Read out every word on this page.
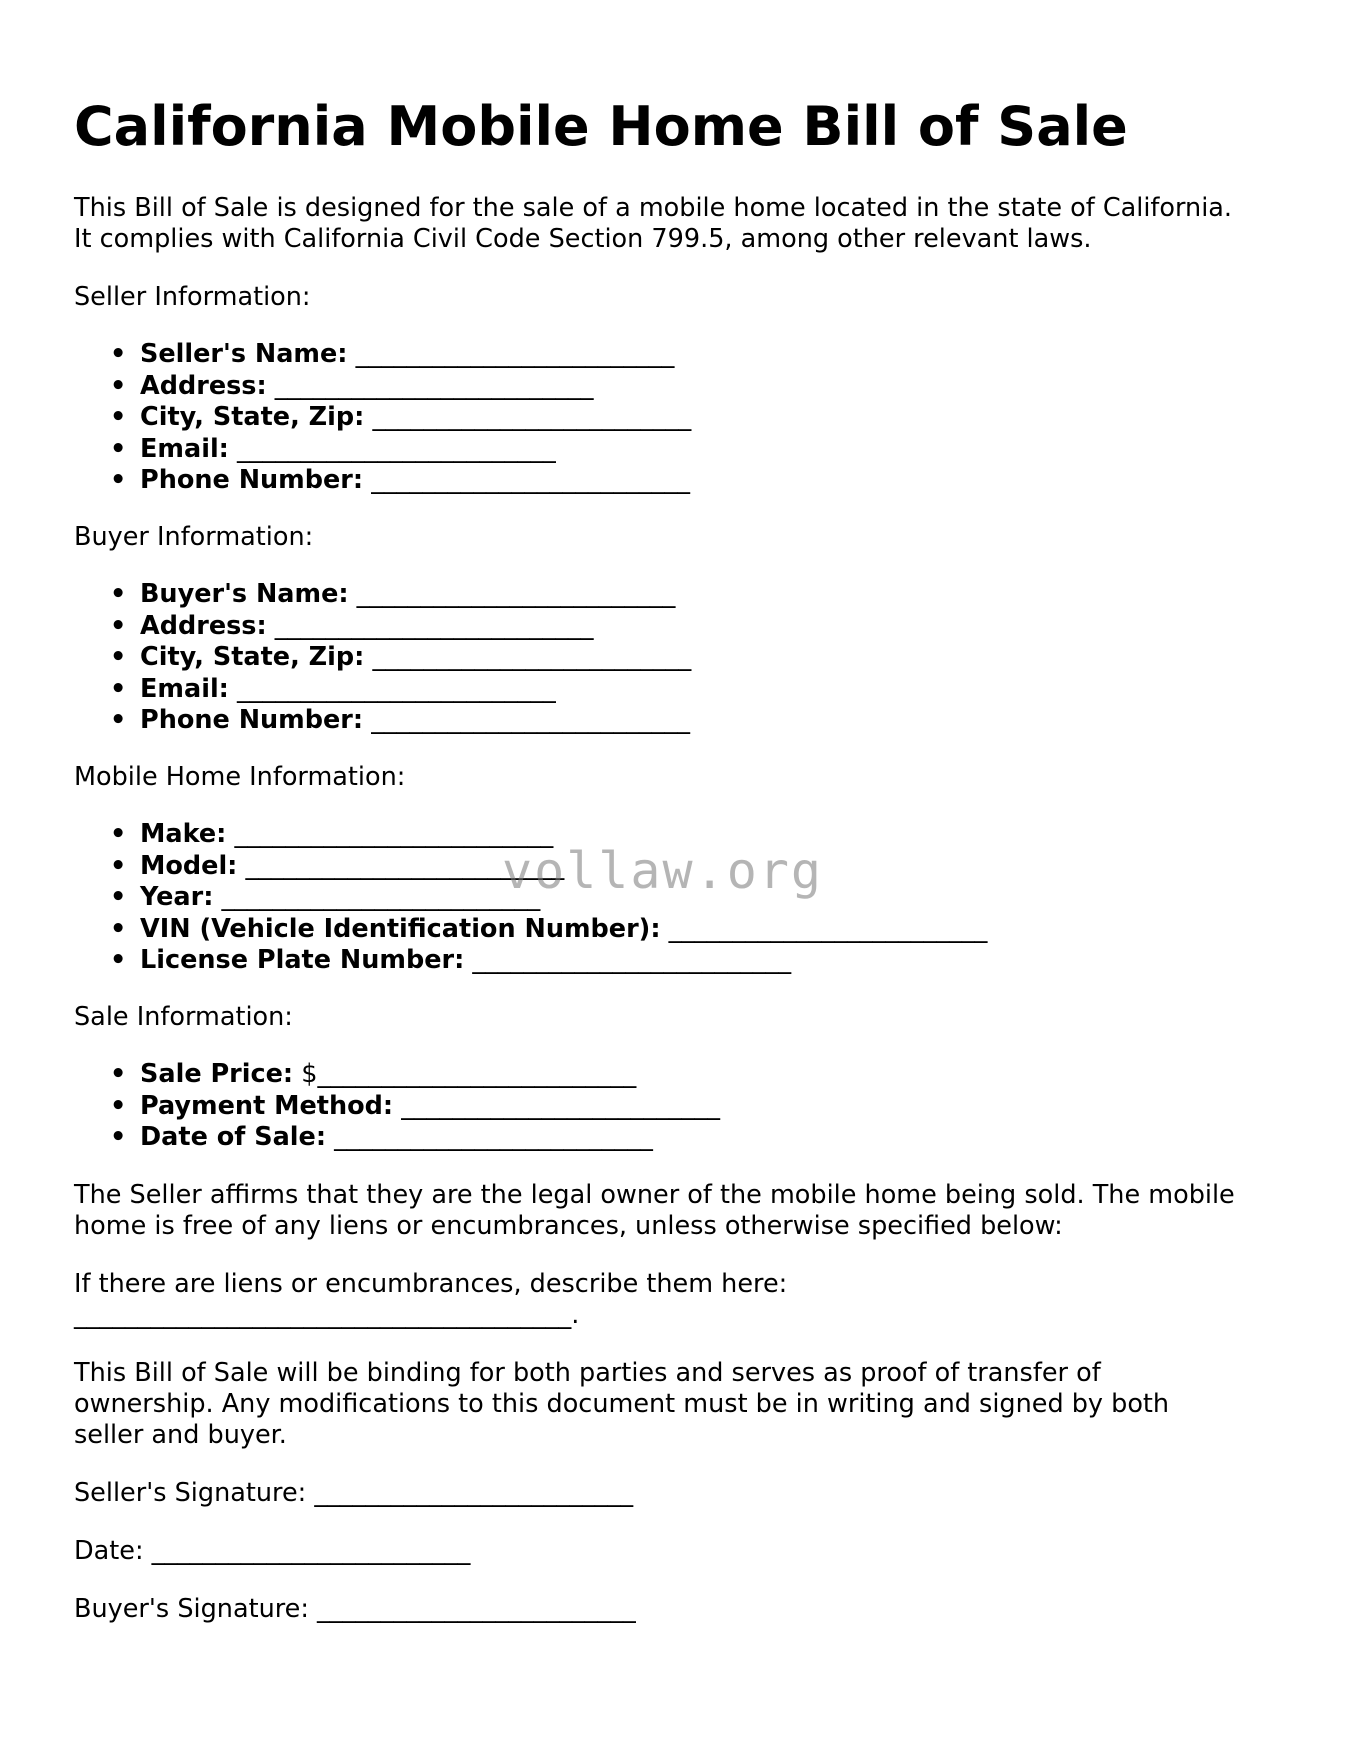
California Mobile Home Bill of Sale
This Bill of Sale is designed for the sale of a mobile home located in the state of California.
It complies with California Civil Code Section 799.5, among other relevant laws.
Seller Information:
• Seller's Name: _________________________
• Address: _________________________
• City, State, Zip: _________________________
• Email: _________________________
• Phone Number: _________________________
Buyer Information:
• Buyer's Name: _________________________
• Address: _________________________
• City, State, Zip: _________________________
• Email: _________________________
• Phone Number: _________________________
Mobile Home Information:
• Make: _________________________
• Model: _________________________
• Year: _________________________
• VIN (Vehicle Identification Number): _________________________
• License Plate Number: _________________________
Sale Information:
• Sale Price: $_________________________
• Payment Method: _________________________
• Date of Sale: _________________________
The Seller affirms that they are the legal owner of the mobile home being sold. The mobile
home is free of any liens or encumbrances, unless otherwise specified below:
If there are liens or encumbrances, describe them here:
_______________________________________.
This Bill of Sale will be binding for both parties and serves as proof of transfer of
ownership. Any modifications to this document must be in writing and signed by both
seller and buyer.
Seller's Signature: _________________________
Date: _________________________
Buyer's Signature: _________________________
vollaw.org
